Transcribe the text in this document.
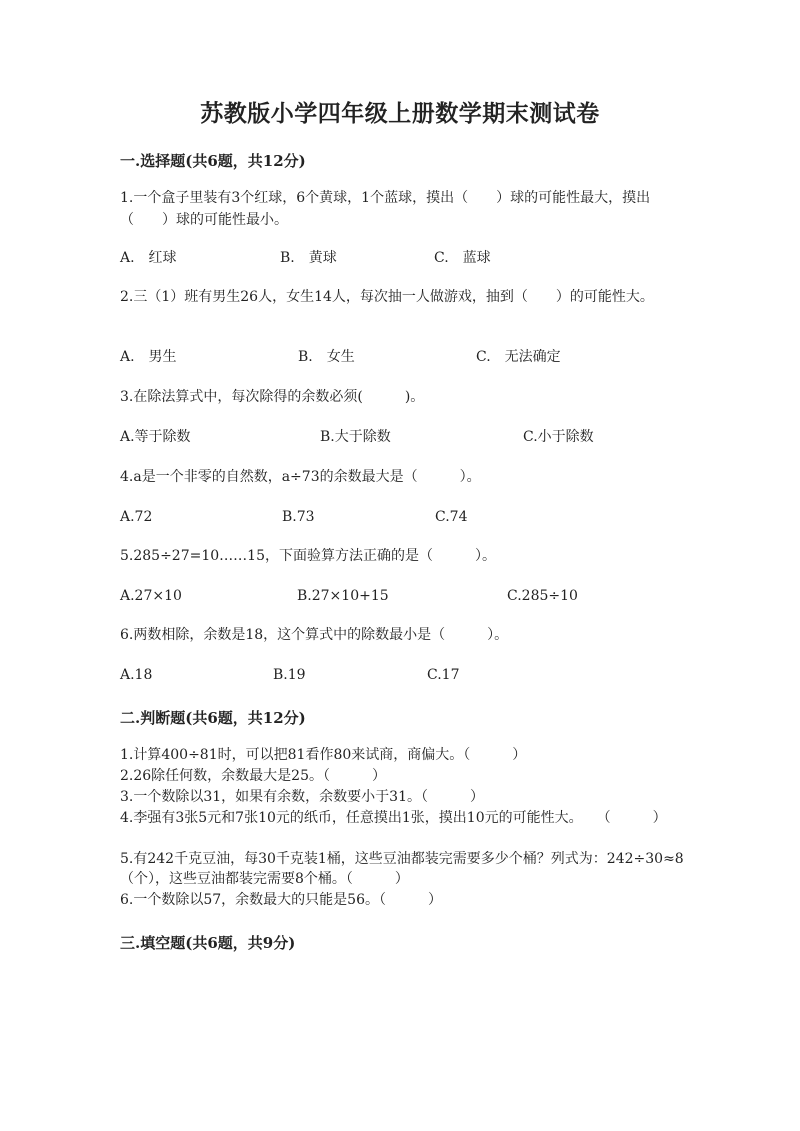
苏教版小学四年级上册数学期末测试卷
一.选择题(共6题，共12分)

1.一个盒子里装有3个红球，6个黄球，1个蓝球，摸出（　　）球的可能性最大，摸出（　　）球的可能性最小。

A.　红球	B.　黄球	C.　蓝球

2.三（1）班有男生26人，女生14人，每次抽一人做游戏，抽到（　　）的可能性大。

A.　男生	B.　女生	C.　无法确定

3.在除法算式中，每次除得的余数必须(　　　)。

A.等于除数	B.大于除数	C.小于除数

4.a是一个非零的自然数，a÷73的余数最大是（　　　）。

A.72	B.73	C.74

5.285÷27=10……15，下面验算方法正确的是（　　　）。

A.27×10	B.27×10+15	C.285÷10

6.两数相除，余数是18，这个算式中的除数最小是（　　　）。

A.18	B.19	C.17
二.判断题(共6题，共12分)

1.计算400÷81时，可以把81看作80来试商，商偏大。（　　　）

2.26除任何数，余数最大是25。（　　　）

3.一个数除以31，如果有余数，余数要小于31。（　　　）

4.李强有3张5元和7张10元的纸币，任意摸出1张，摸出10元的可能性大。　　（　　　）

5.有242千克豆油，每30千克装1桶，这些豆油都装完需要多少个桶？列式为：242÷30≈8（个），这些豆油都装完需要8个桶。（　　　）

6.一个数除以57，余数最大的只能是56。（　　　）

三.填空题(共6题，共9分)
